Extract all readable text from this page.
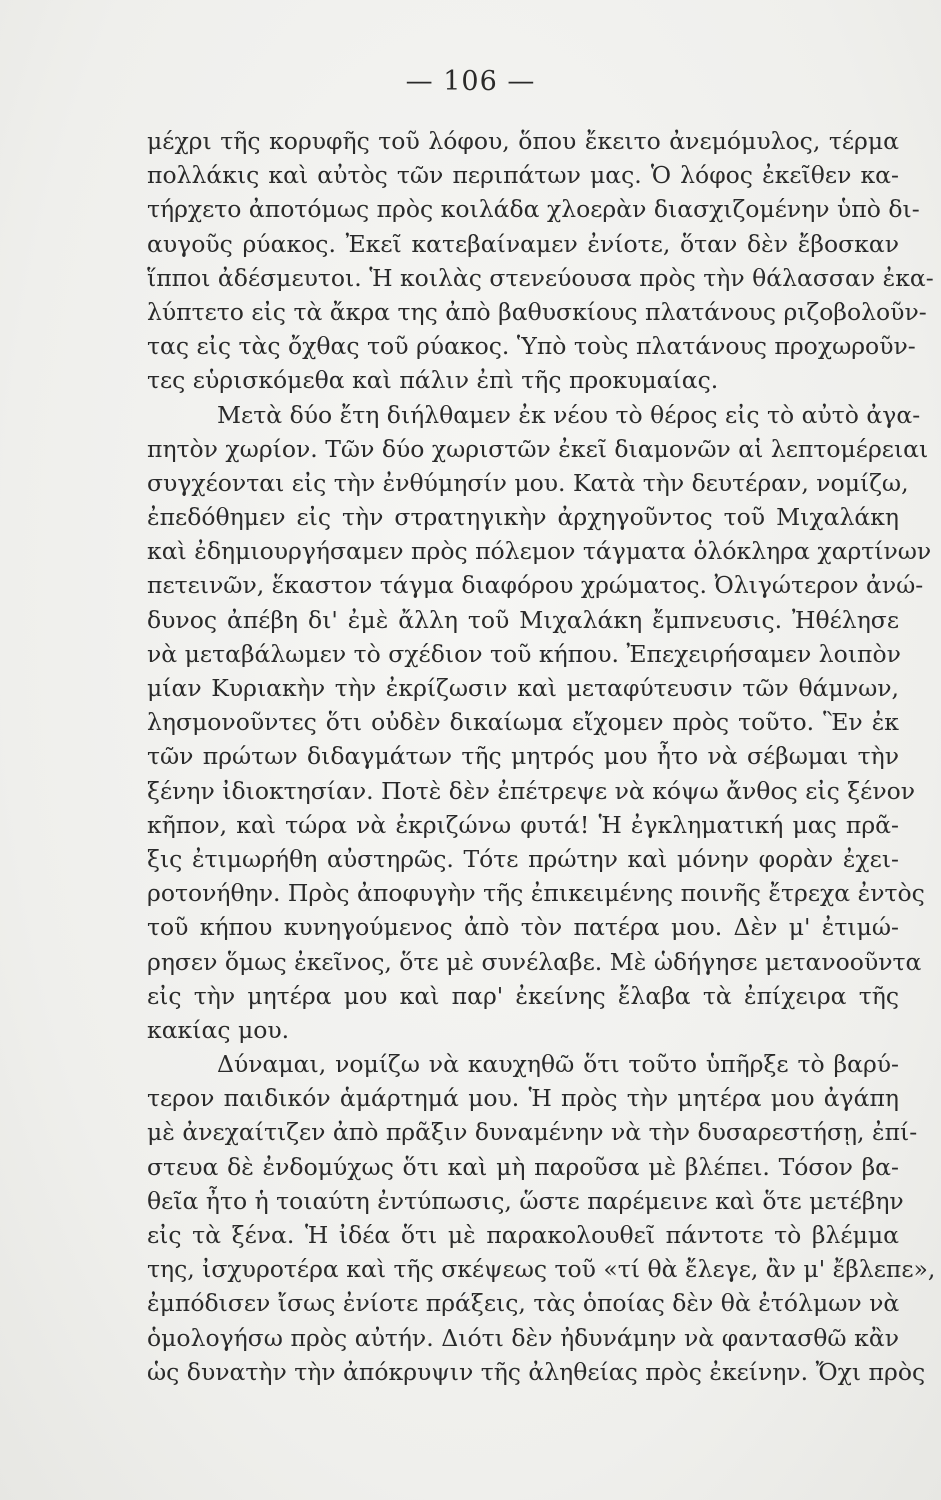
— 106 —
μέχρι τῆς κορυφῆς τοῦ λόφου, ὅπου ἔκειτο ἀνεμόμυλος, τέρμα
πολλάκις καὶ αὐτὸς τῶν περιπάτων μας. Ὁ λόφος ἐκεῖθεν κα-
τήρχετο ἀποτόμως πρὸς κοιλάδα χλοερὰν διασχιζομένην ὑπὸ δι-
αυγοῦς ρύακος. Ἐκεῖ κατεβαίναμεν ἐνίοτε, ὅταν δὲν ἔβοσκαν
ἵπποι ἀδέσμευτοι. Ἡ κοιλὰς στενεύουσα πρὸς τὴν θάλασσαν ἐκα-
λύπτετο εἰς τὰ ἄκρα της ἀπὸ βαθυσκίους πλατάνους ριζοβολοῦν-
τας εἰς τὰς ὄχθας τοῦ ρύακος. Ὑπὸ τοὺς πλατάνους προχωροῦν-
τες εὑρισκόμεθα καὶ πάλιν ἐπὶ τῆς προκυμαίας.
Μετὰ δύο ἔτη διήλθαμεν ἐκ νέου τὸ θέρος εἰς τὸ αὐτὸ ἀγα-
πητὸν χωρίον. Τῶν δύο χωριστῶν ἐκεῖ διαμονῶν αἱ λεπτομέρειαι
συγχέονται εἰς τὴν ἐνθύμησίν μου. Κατὰ τὴν δευτέραν, νομίζω,
ἐπεδόθημεν εἰς τὴν στρατηγικὴν ἀρχηγοῦντος τοῦ Μιχαλάκη
καὶ ἐδημιουργήσαμεν πρὸς πόλεμον τάγματα ὁλόκληρα χαρτίνων
πετεινῶν, ἕκαστον τάγμα διαφόρου χρώματος. Ὀλιγώτερον ἀνώ-
δυνος ἀπέβη δι' ἐμὲ ἄλλη τοῦ Μιχαλάκη ἔμπνευσις. Ἠθέλησε
νὰ μεταβάλωμεν τὸ σχέδιον τοῦ κήπου. Ἐπεχειρήσαμεν λοιπὸν
μίαν Κυριακὴν τὴν ἐκρίζωσιν καὶ μεταφύτευσιν τῶν θάμνων,
λησμονοῦντες ὅτι οὐδὲν δικαίωμα εἴχομεν πρὸς τοῦτο. Ἓν ἐκ
τῶν πρώτων διδαγμάτων τῆς μητρός μου ἦτο νὰ σέβωμαι τὴν
ξένην ἰδιοκτησίαν. Ποτὲ δὲν ἐπέτρεψε νὰ κόψω ἄνθος εἰς ξένον
κῆπον, καὶ τώρα νὰ ἐκριζώνω φυτά! Ἡ ἐγκληματική μας πρᾶ-
ξις ἐτιμωρήθη αὐστηρῶς. Τότε πρώτην καὶ μόνην φορὰν ἐχει-
ροτονήθην. Πρὸς ἀποφυγὴν τῆς ἐπικειμένης ποινῆς ἔτρεχα ἐντὸς
τοῦ κήπου κυνηγούμενος ἀπὸ τὸν πατέρα μου. Δὲν μ' ἐτιμώ-
ρησεν ὅμως ἐκεῖνος, ὅτε μὲ συνέλαβε. Μὲ ὡδήγησε μετανοοῦντα
εἰς τὴν μητέρα μου καὶ παρ' ἐκείνης ἔλαβα τὰ ἐπίχειρα τῆς
κακίας μου.
Δύναμαι, νομίζω νὰ καυχηθῶ ὅτι τοῦτο ὑπῆρξε τὸ βαρύ-
τερον παιδικόν ἁμάρτημά μου. Ἡ πρὸς τὴν μητέρα μου ἀγάπη
μὲ ἀνεχαίτιζεν ἀπὸ πρᾶξιν δυναμένην νὰ τὴν δυσαρεστήσῃ, ἐπί-
στευα δὲ ἐνδομύχως ὅτι καὶ μὴ παροῦσα μὲ βλέπει. Τόσον βα-
θεῖα ἦτο ἡ τοιαύτη ἐντύπωσις, ὥστε παρέμεινε καὶ ὅτε μετέβην
εἰς τὰ ξένα. Ἡ ἰδέα ὅτι μὲ παρακολουθεῖ πάντοτε τὸ βλέμμα
της, ἰσχυροτέρα καὶ τῆς σκέψεως τοῦ «τί θὰ ἔλεγε, ἂν μ' ἔβλεπε»,
ἐμπόδισεν ἴσως ἐνίοτε πράξεις, τὰς ὁποίας δὲν θὰ ἐτόλμων νὰ
ὁμολογήσω πρὸς αὐτήν. Διότι δὲν ἠδυνάμην νὰ φαντασθῶ κἂν
ὡς δυνατὴν τὴν ἀπόκρυψιν τῆς ἀληθείας πρὸς ἐκείνην. Ὄχι πρὸς
